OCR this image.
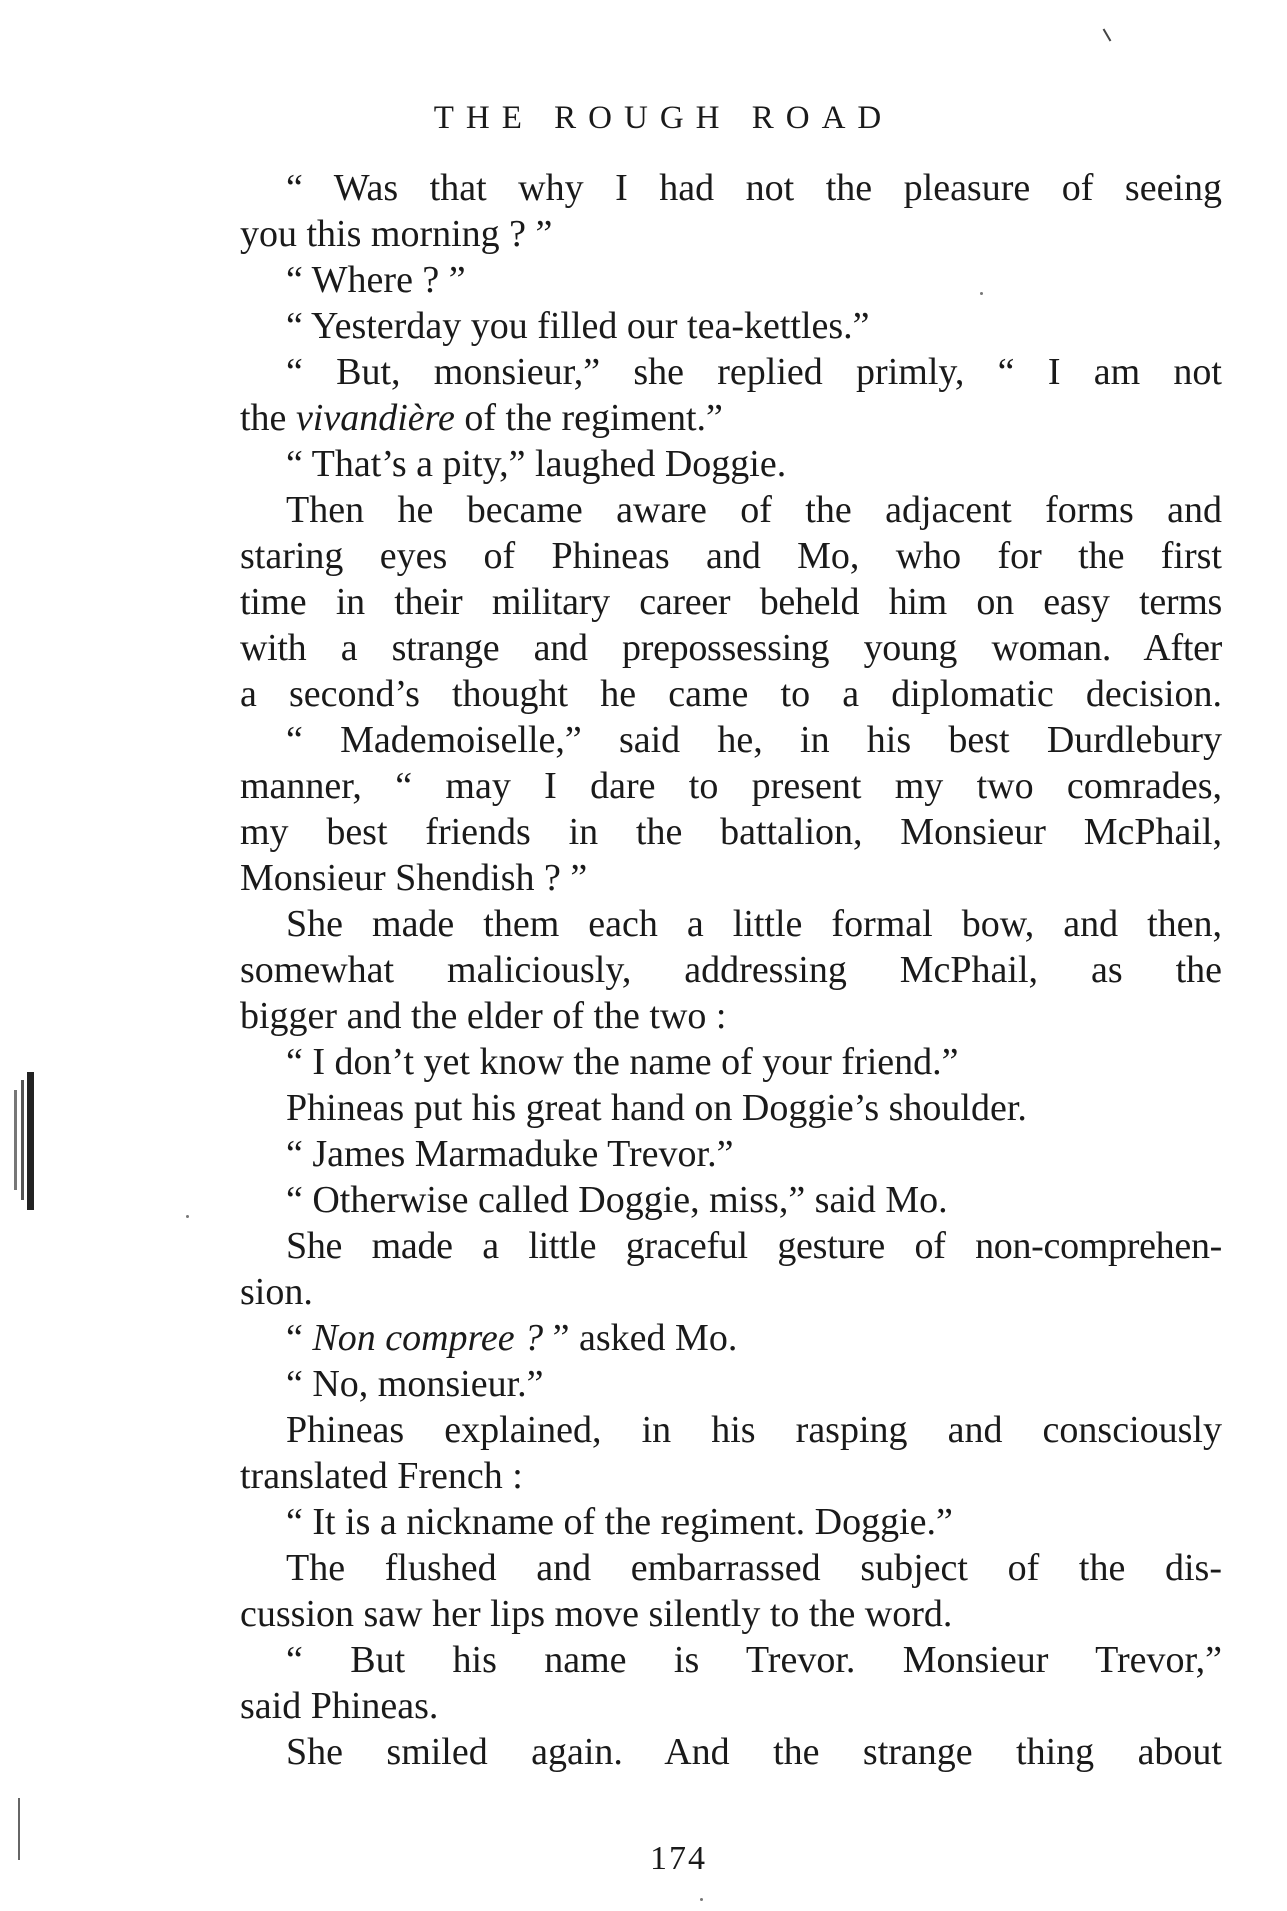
THE ROUGH ROAD
“ Was that why I had not the pleasure of seeing
you this morning ? ”
“ Where ? ”
“ Yesterday you filled our tea-kettles.”
“ But, monsieur,” she replied primly, “ I am not
the vivandière of the regiment.”
“ That’s a pity,” laughed Doggie.
Then he became aware of the adjacent forms and
staring eyes of Phineas and Mo, who for the first
time in their military career beheld him on easy terms
with a strange and prepossessing young woman. After
a second’s thought he came to a diplomatic decision.
“ Mademoiselle,” said he, in his best Durdlebury
manner, “ may I dare to present my two comrades,
my best friends in the battalion, Monsieur McPhail,
Monsieur Shendish ? ”
She made them each a little formal bow, and then,
somewhat maliciously, addressing McPhail, as the
bigger and the elder of the two :
“ I don’t yet know the name of your friend.”
Phineas put his great hand on Doggie’s shoulder.
“ James Marmaduke Trevor.”
“ Otherwise called Doggie, miss,” said Mo.
She made a little graceful gesture of non-comprehen-
sion.
“ Non compree ? ” asked Mo.
“ No, monsieur.”
Phineas explained, in his rasping and consciously
translated French :
“ It is a nickname of the regiment. Doggie.”
The flushed and embarrassed subject of the dis-
cussion saw her lips move silently to the word.
“ But his name is Trevor. Monsieur Trevor,”
said Phineas.
She smiled again. And the strange thing about
174
